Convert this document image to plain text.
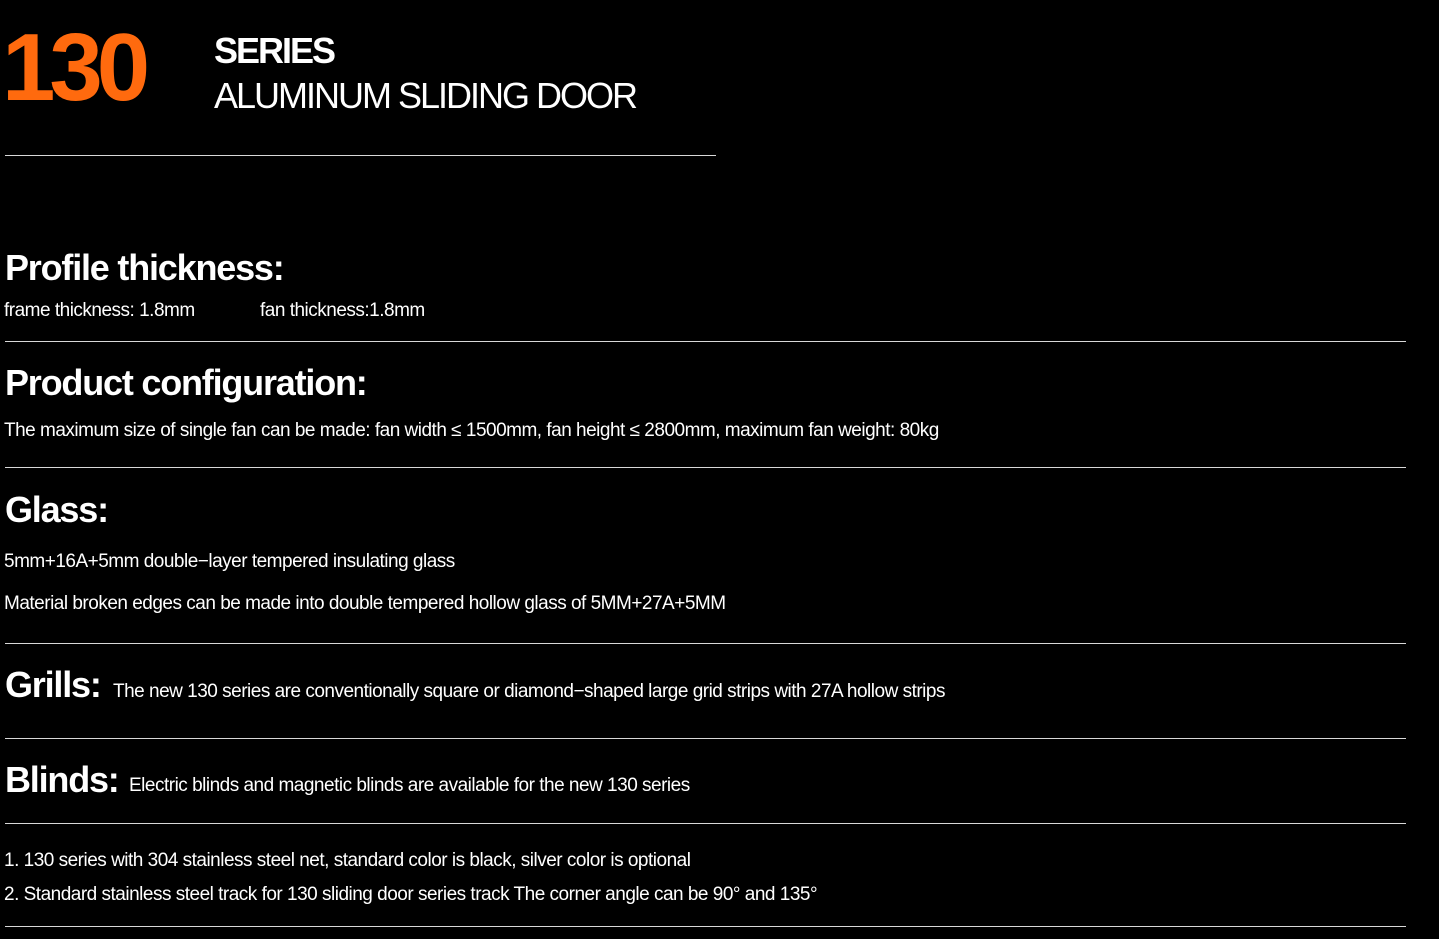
130 SERIES
ALUMINUM SLIDING DOOR
Profile thickness:
frame thickness: 1.8mm	fan thickness:1.8mm
Product configuration:
The maximum size of single fan can be made: fan width ≤ 1500mm, fan height ≤ 2800mm, maximum fan weight: 80kg
Glass:
5mm+16A+5mm double−layer tempered insulating glass
Material broken edges can be made into double tempered hollow glass of 5MM+27A+5MM
Grills: The new 130 series are conventionally square or diamond−shaped large grid strips with 27A hollow strips
Blinds: Electric blinds and magnetic blinds are available for the new 130 series
1. 130 series with 304 stainless steel net, standard color is black, silver color is optional
2. Standard stainless steel track for 130 sliding door series track The corner angle can be 90° and 135°
